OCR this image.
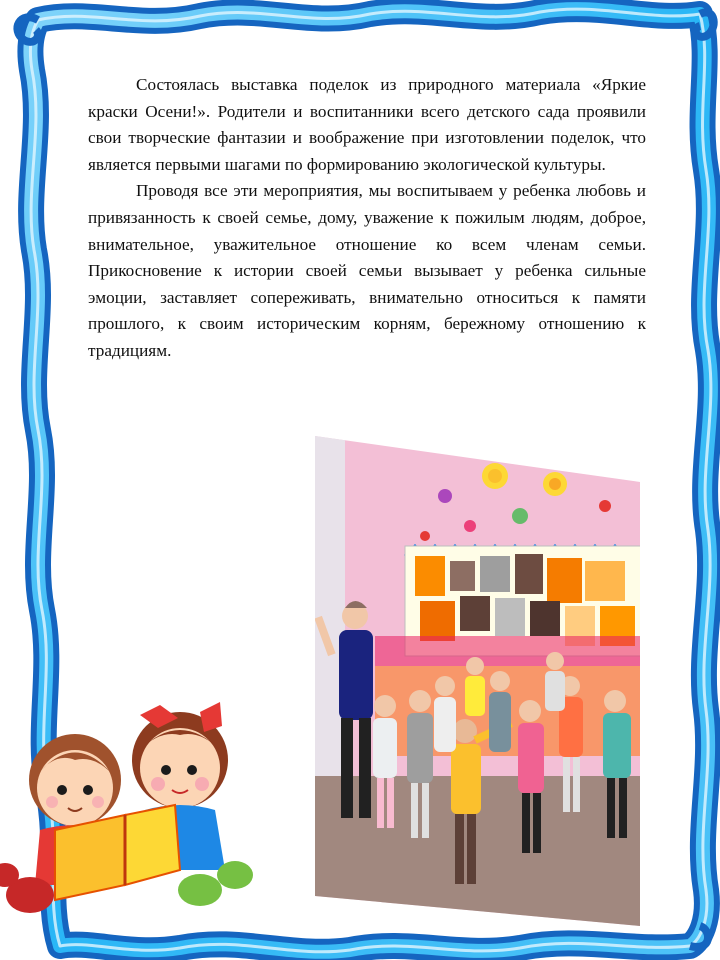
Состоялась выставка поделок из природного материала «Яркие краски Осени!». Родители и воспитанники всего детского сада проявили свои творческие фантазии и воображение при изготовлении поделок, что является первыми шагами по формированию экологической культуры.

Проводя все эти мероприятия, мы воспитываем у ребенка любовь и привязанность к своей семье, дому, уважение к пожилым людям, доброе, внимательное, уважительное отношение ко всем членам семьи. Прикосновение к истории своей семьи вызывает у ребенка сильные эмоции, заставляет сопереживать, внимательно относиться к памяти прошлого, к своим историческим корням, бережному отношению к традициям.
